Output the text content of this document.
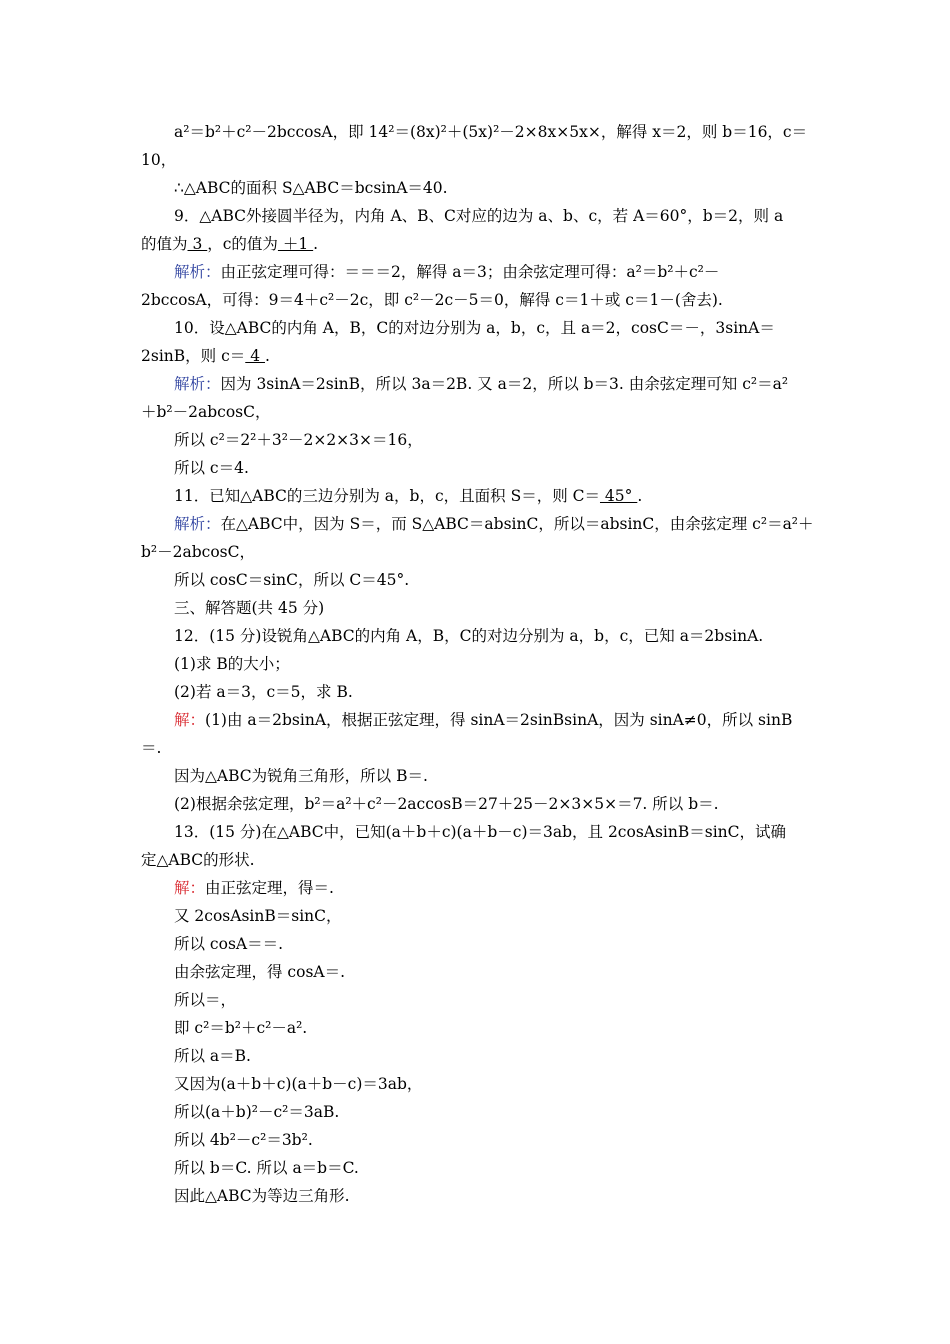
a²＝b²＋c²－2bccosA，即 14²＝(8x)²＋(5x)²－2×8x×5x×，解得 x＝2，则 b＝16，c＝
10，
∴△ABC的面积 S△ABC＝bcsinA＝40.
9．△ABC外接圆半径为，内角 A、B、C对应的边为 a、b、c，若 A＝60°，b＝2，则 a
的值为 3 ，c的值为 ＋1 .
解析：由正弦定理可得：＝＝＝2，解得 a＝3；由余弦定理可得：a²＝b²＋c²－
2bccosA，可得：9＝4＋c²－2c，即 c²－2c－5＝0，解得 c＝1＋或 c＝1－(舍去).
10．设△ABC的内角 A，B，C的对边分别为 a，b，c，且 a＝2，cosC＝－，3sinA＝
2sinB，则 c＝ 4 .
解析：因为 3sinA＝2sinB，所以 3a＝2B. 又 a＝2，所以 b＝3. 由余弦定理可知 c²＝a²
＋b²－2abcosC，
所以 c²＝2²＋3²－2×2×3×＝16，
所以 c＝4.
11．已知△ABC的三边分别为 a，b，c，且面积 S＝，则 C＝ 45° .
解析：在△ABC中，因为 S＝，而 S△ABC＝absinC，所以＝absinC，由余弦定理 c²＝a²＋
b²－2abcosC，
所以 cosC＝sinC，所以 C＝45°.
三、解答题(共 45 分)
12．(15 分)设锐角△ABC的内角 A，B，C的对边分别为 a，b，c，已知 a＝2bsinA.
(1)求 B的大小；
(2)若 a＝3，c＝5，求 B.
解：(1)由 a＝2bsinA，根据正弦定理，得 sinA＝2sinBsinA，因为 sinA≠0，所以 sinB
＝.
因为△ABC为锐角三角形，所以 B＝.
(2)根据余弦定理，b²＝a²＋c²－2accosB＝27＋25－2×3×5×＝7. 所以 b＝.
13．(15 分)在△ABC中，已知(a＋b＋c)(a＋b－c)＝3ab，且 2cosAsinB＝sinC，试确
定△ABC的形状.
解：由正弦定理，得＝.
又 2cosAsinB＝sinC，
所以 cosA＝＝.
由余弦定理，得 cosA＝.
所以＝，
即 c²＝b²＋c²－a².
所以 a＝B.
又因为(a＋b＋c)(a＋b－c)＝3ab，
所以(a＋b)²－c²＝3aB.
所以 4b²－c²＝3b².
所以 b＝C. 所以 a＝b＝C.
因此△ABC为等边三角形.
